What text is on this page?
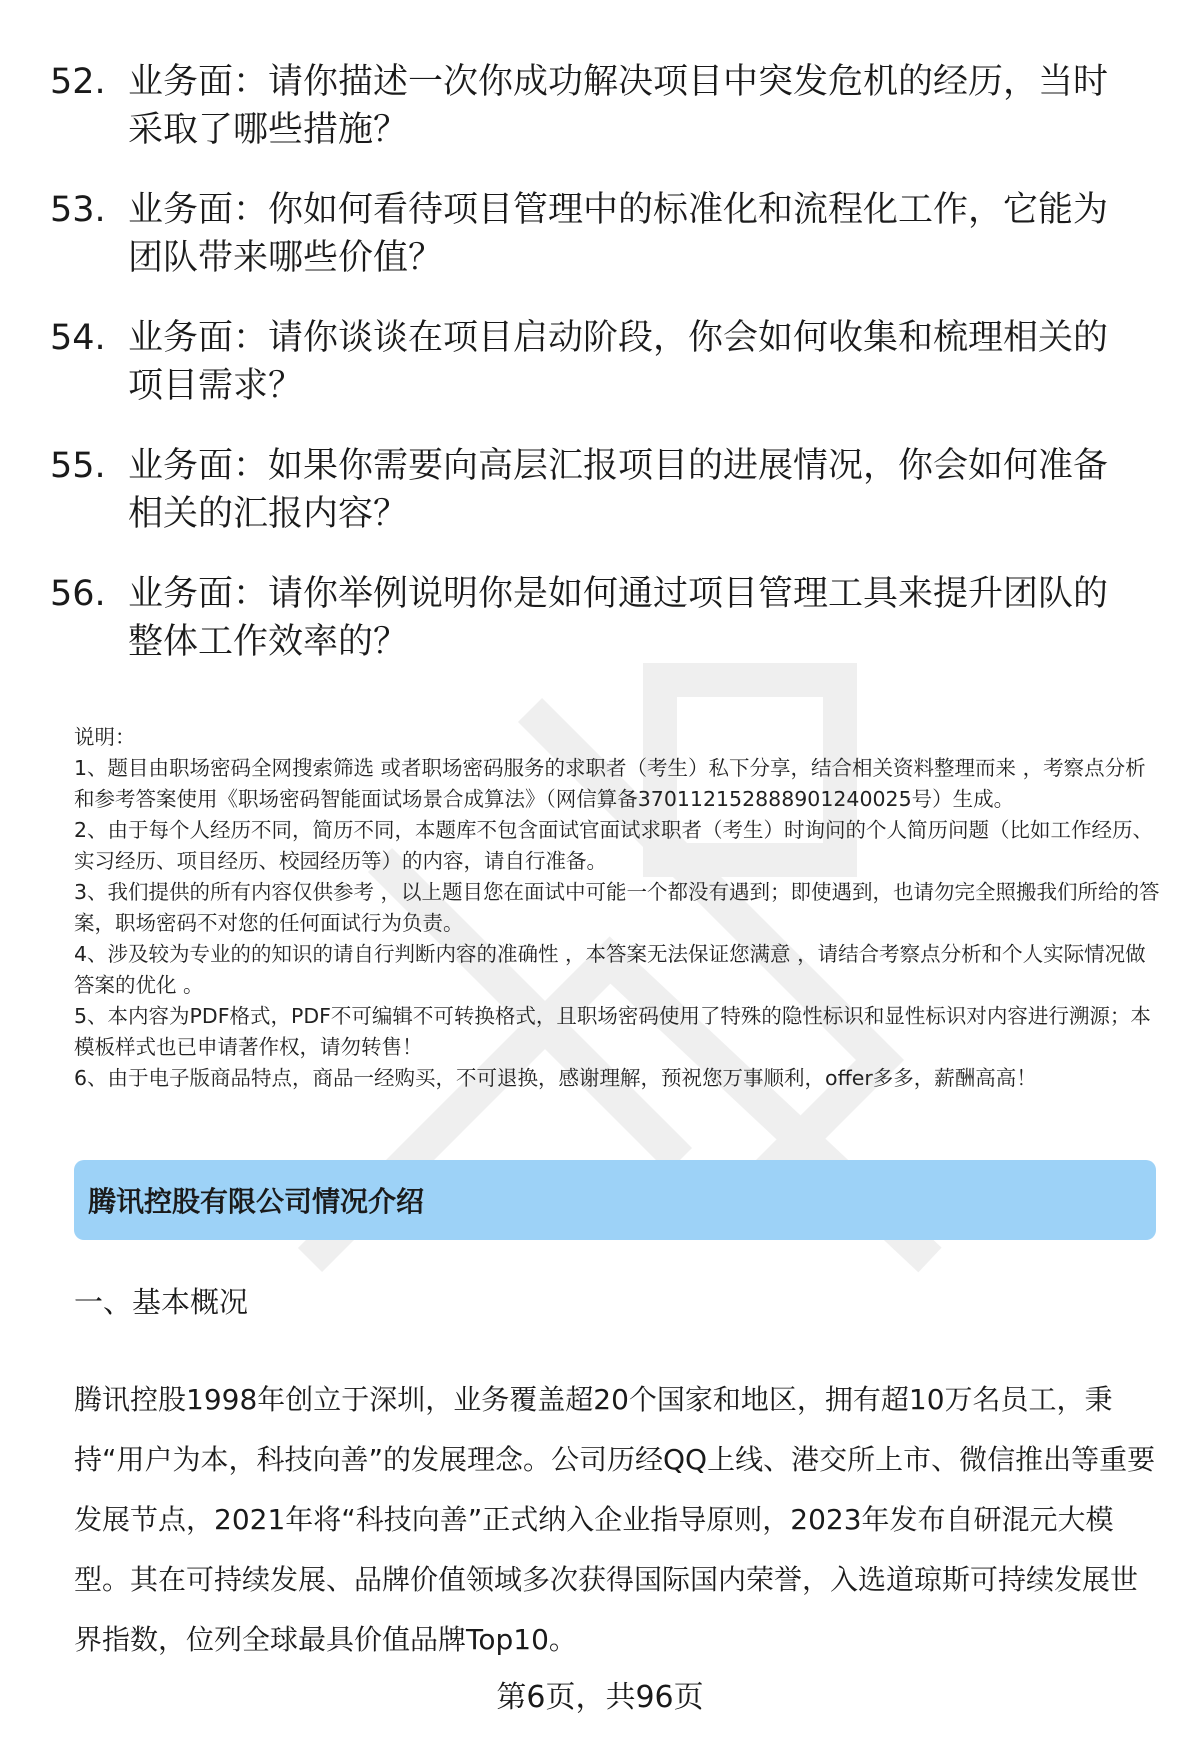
52. 业务面：请你描述一次你成功解决项目中突发危机的经历，当时采取了哪些措施？
53. 业务面：你如何看待项目管理中的标准化和流程化工作，它能为团队带来哪些价值？
54. 业务面：请你谈谈在项目启动阶段，你会如何收集和梳理相关的项目需求？
55. 业务面：如果你需要向高层汇报项目的进展情况，你会如何准备相关的汇报内容？
56. 业务面：请你举例说明你是如何通过项目管理工具来提升团队的整体工作效率的？

说明：

1、题目由职场密码全网搜索筛选 或者职场密码服务的求职者（考生）私下分享，结合相关资料整理而来 ，考察点分析和参考答案使用《职场密码智能面试场景合成算法》（网信算备370112152888901240025号）生成。

2、由于每个人经历不同，简历不同，本题库不包含面试官面试求职者（考生）时询问的个人简历问题（比如工作经历、实习经历、项目经历、校园经历等）的内容，请自行准备。

3、我们提供的所有内容仅供参考 ，以上题目您在面试中可能一个都没有遇到；即使遇到，也请勿完全照搬我们所给的答案，职场密码不对您的任何面试行为负责。

4、涉及较为专业的的知识的请自行判断内容的准确性 ，本答案无法保证您满意 ，请结合考察点分析和个人实际情况做答案的优化 。

5、本内容为PDF格式，PDF不可编辑不可转换格式，且职场密码使用了特殊的隐性标识和显性标识对内容进行溯源；本模板样式也已申请著作权，请勿转售！

6、由于电子版商品特点，商品一经购买，不可退换，感谢理解，预祝您万事顺利，offer多多，薪酬高高！

腾讯控股有限公司情况介绍
一、基本概况

腾讯控股1998年创立于深圳，业务覆盖超20个国家和地区，拥有超10万名员工，秉持“用户为本，科技向善”的发展理念。公司历经QQ上线、港交所上市、微信推出等重要发展节点，2021年将“科技向善”正式纳入企业指导原则，2023年发布自研混元大模型。其在可持续发展、品牌价值领域多次获得国际国内荣誉，入选道琼斯可持续发展世界指数，位列全球最具价值品牌Top10。

第6页，共96页
